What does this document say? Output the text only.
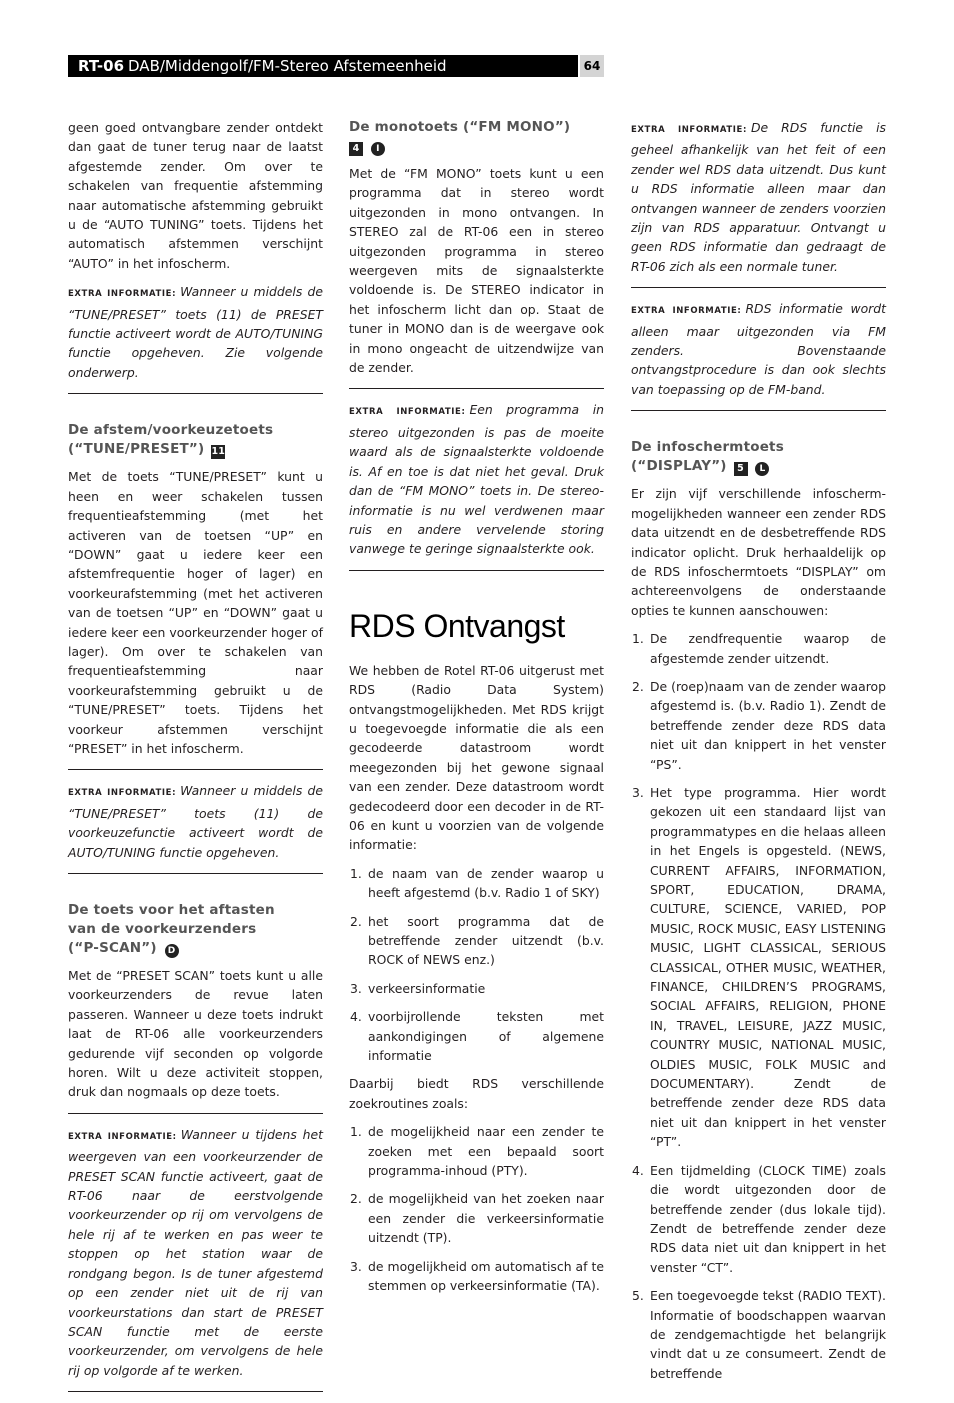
RT-06 DAB/Middengolf/FM-Stereo Afstemeenheid	64

geen goed ontvangbare zender ontdekt dan gaat de tuner terug naar de laatst afgestemde zender. Om over te schakelen van frequentie afstemming naar automatische afstemming gebruikt u de “AUTO TUNING” toets. Tijdens het automatisch afstemmen verschijnt “AUTO” in het infoscherm.

EXTRA INFORMATIE: Wanneer u middels de “TUNE/PRESET” toets (11) de PRESET functie activeert wordt de AUTO/TUNING functie opgeheven. Zie volgende onderwerp.

De afstem/voorkeuzetoets
(“TUNE/PRESET”) 11

Met de toets “TUNE/PRESET” kunt u heen en weer schakelen tussen frequentieafstemming (met het activeren van de toetsen “UP” en “DOWN” gaat u iedere keer een afstemfrequentie hoger of lager) en voorkeurafstemming (met het activeren van de toetsen “UP” en “DOWN” gaat u iedere keer een voorkeurzender hoger of lager). Om over te schakelen van frequentieafstemming naar voorkeurafstemming gebruikt u de “TUNE/PRESET” toets. Tijdens het voorkeur afstemmen verschijnt “PRESET” in het infoscherm.

EXTRA INFORMATIE: Wanneer u middels de “TUNE/PRESET” toets (11) de voorkeuzefunctie activeert wordt de AUTO/TUNING functie opgeheven.

De toets voor het aftasten
van de voorkeurzenders
(“P-SCAN”) D

Met de “PRESET SCAN” toets kunt u alle voorkeurzenders de revue laten passeren. Wanneer u deze toets indrukt laat de RT-06 alle voorkeurzenders gedurende vijf seconden op volgorde horen. Wilt u deze activiteit stoppen, druk dan nogmaals op deze toets.

EXTRA INFORMATIE: Wanneer u tijdens het weergeven van een voorkeurzender de PRESET SCAN functie activeert, gaat de RT-06 naar de eerstvolgende voorkeurzender op rij om vervolgens de hele rij af te werken en pas weer te stoppen op het station waar de rondgang begon. Is de tuner afgestemd op een zender niet uit de rij van voorkeurstations dan start de PRESET SCAN functie met de eerste voorkeurzender, om vervolgens de hele rij op volgorde af te werken.

De monotoets (“FM MONO”)
4 I

Met de “FM MONO” toets kunt u een programma dat in stereo wordt uitgezonden in mono ontvangen. In STEREO zal de RT-06 een in stereo uitgezonden programma in stereo weergeven mits de signaalsterkte voldoende is. De STEREO indicator in het infoscherm licht dan op. Staat de tuner in MONO dan is de weergave ook in mono ongeacht de uitzendwijze van de zender.

EXTRA INFORMATIE: Een programma in stereo uitgezonden is pas de moeite waard als de signaalsterkte voldoende is. Af en toe is dat niet het geval. Druk dan de “FM MONO” toets in. De stereo-informatie is nu wel verdwenen maar ruis en andere verveIende storing vanwege te geringe signaalsterkte ook.

RDS Ontvangst

We hebben de Rotel RT-06 uitgerust met RDS (Radio Data System) ontvangstmogelijkheden. Met RDS krijgt u toegevoegde informatie die als een gecodeerde datastroom wordt meegezonden bij het gewone signaal van een zender. Deze datastroom wordt gedecodeerd door een decoder in de RT-06 en kunt u voorzien van de volgende informatie:

1. de naam van de zender waarop u heeft afgestemd (b.v. Radio 1 of SKY)
2. het soort programma dat de betreffende zender uitzendt (b.v. ROCK of NEWS enz.)
3. verkeersinformatie
4. voorbijrollende teksten met aankondigingen of algemene informatie

Daarbij biedt RDS verschillende zoekroutines zoals:

1. de mogelijkheid naar een zender te zoeken met een bepaald soort programma-inhoud (PTY).
2. de mogelijkheid van het zoeken naar een zender die verkeersinformatie uitzendt (TP).
3. de mogelijkheid om automatisch af te stemmen op verkeersinformatie (TA).

EXTRA INFORMATIE: De RDS functie is geheel afhankelijk van het feit of een zender wel RDS data uitzendt. Dus kunt u RDS informatie alleen maar dan ontvangen wanneer de zenders voorzien zijn van RDS apparatuur. Ontvangt u geen RDS informatie dan gedraagt de RT-06 zich als een normale tuner.

EXTRA INFORMATIE: RDS informatie wordt alleen maar uitgezonden via FM zenders. Bovenstaande ontvangstprocedure is dan ook slechts van toepassing op de FM-band.

De infoschermtoets
(“DISPLAY”) 5 L

Er zijn vijf verschillende infoscherm-mogelijkheden wanneer een zender RDS data uitzendt en de desbetreffende RDS indicator oplicht. Druk herhaaldelijk op de RDS infoschermtoets “DISPLAY” om achtereenvolgens de onderstaande opties te kunnen aanschouwen:

1. De zendfrequentie waarop de afgestemde zender uitzendt.
2. De (roep)naam van de zender waarop afgestemd is. (b.v. Radio 1). Zendt de betreffende zender deze RDS data niet uit dan knippert in het venster “PS”.
3. Het type programma. Hier wordt gekozen uit een standaard lijst van programmatypes en die helaas alleen in het Engels is opgesteld. (NEWS, CURRENT AFFAIRS, INFORMATION, SPORT, EDUCATION, DRAMA, CULTURE, SCIENCE, VARIED, POP MUSIC, ROCK MUSIC, EASY LISTENING MUSIC, LIGHT CLASSICAL, SERIOUS CLASSICAL, OTHER MUSIC, WEATHER, FINANCE, CHILDREN’S PROGRAMS, SOCIAL AFFAIRS, RELIGION, PHONE IN, TRAVEL, LEISURE, JAZZ MUSIC, COUNTRY MUSIC, NATIONAL MUSIC, OLDIES MUSIC, FOLK MUSIC and DOCUMENTARY). Zendt de betreffende zender deze RDS data niet uit dan knippert in het venster “PT”.
4. Een tijdmelding (CLOCK TIME) zoals die wordt uitgezonden door de betreffende zender (dus lokale tijd). Zendt de betreffende zender deze RDS data niet uit dan knippert in het venster “CT”.
5. Een toegevoegde tekst (RADIO TEXT). Informatie of boodschappen waarvan de zendgemachtigde het belangrijk vindt dat u ze consumeert. Zendt de betreffende
